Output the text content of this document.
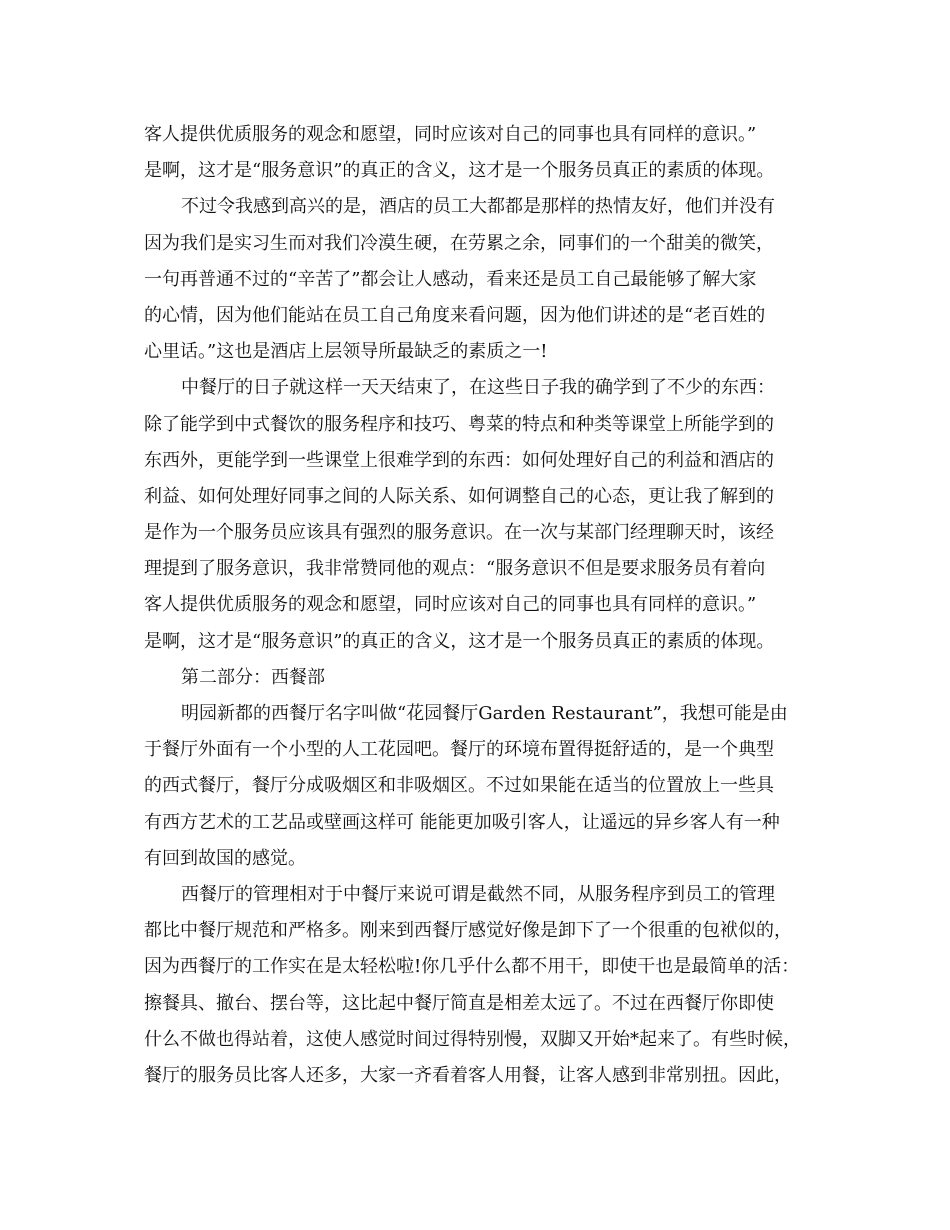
客人提供优质服务的观念和愿望，同时应该对自己的同事也具有同样的意识。”
是啊，这才是“服务意识”的真正的含义，这才是一个服务员真正的素质的体现。
不过令我感到高兴的是，酒店的员工大都都是那样的热情友好，他们并没有
因为我们是实习生而对我们冷漠生硬，在劳累之余，同事们的一个甜美的微笑，
一句再普通不过的“辛苦了”都会让人感动，看来还是员工自己最能够了解大家
的心情，因为他们能站在员工自己角度来看问题，因为他们讲述的是“老百姓的
心里话。”这也是酒店上层领导所最缺乏的素质之一!
中餐厅的日子就这样一天天结束了，在这些日子我的确学到了不少的东西：
除了能学到中式餐饮的服务程序和技巧、粤菜的特点和种类等课堂上所能学到的
东西外，更能学到一些课堂上很难学到的东西：如何处理好自己的利益和酒店的
利益、如何处理好同事之间的人际关系、如何调整自己的心态，更让我了解到的
是作为一个服务员应该具有强烈的服务意识。在一次与某部门经理聊天时，该经
理提到了服务意识，我非常赞同他的观点：“服务意识不但是要求服务员有着向
客人提供优质服务的观念和愿望，同时应该对自己的同事也具有同样的意识。”
是啊，这才是“服务意识”的真正的含义，这才是一个服务员真正的素质的体现。
第二部分：西餐部
明园新都的西餐厅名字叫做“花园餐厅Garden Restaurant”，我想可能是由
于餐厅外面有一个小型的人工花园吧。餐厅的环境布置得挺舒适的，是一个典型
的西式餐厅，餐厅分成吸烟区和非吸烟区。不过如果能在适当的位置放上一些具
有西方艺术的工艺品或壁画这样可 能能更加吸引客人，让遥远的异乡客人有一种
有回到故国的感觉。
西餐厅的管理相对于中餐厅来说可谓是截然不同，从服务程序到员工的管理
都比中餐厅规范和严格多。刚来到西餐厅感觉好像是卸下了一个很重的包袱似的，
因为西餐厅的工作实在是太轻松啦!你几乎什么都不用干，即使干也是最简单的活：
擦餐具、撤台、摆台等，这比起中餐厅简直是相差太远了。不过在西餐厅你即使
什么不做也得站着，这使人感觉时间过得特别慢，双脚又开始*起来了。有些时候，
餐厅的服务员比客人还多，大家一齐看着客人用餐，让客人感到非常别扭。因此，
